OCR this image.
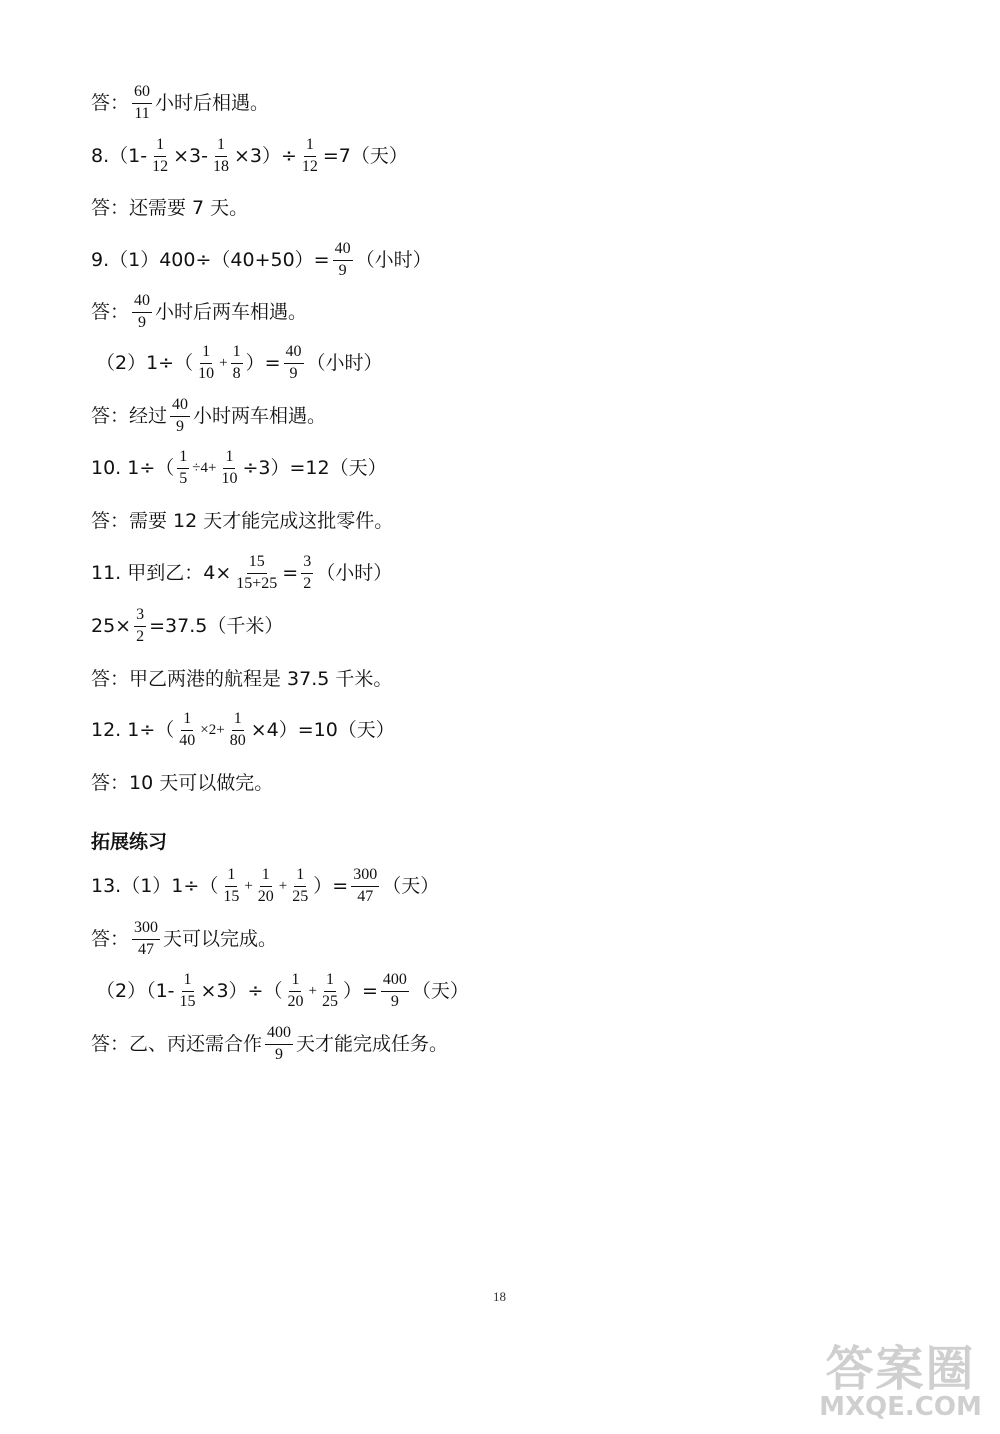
答： $\frac{60}{11}$ 小时后相遇。
$8.(1- \frac{1}{12} \times 3- \frac{1}{18} \times 3)\div \frac{1}{12} =7$（天）
答：还需要 7 天。
$9.(1)400\div(40+50)= \frac{40}{9}$ （小时）
答： $\frac{40}{9}$ 小时后两车相遇。
$(2)1\div( \frac{1}{10} + \frac{1}{8}$ ）= $\frac{40}{9}$ （小时）
答：经过 $\frac{40}{9}$ 小时两车相遇。
10. $1\div( \frac{1}{5} \div 4+ \frac{1}{10} \div 3)=12$（天）
答：需要 12 天才能完成这批零件。
11. 甲到乙：$4\times \frac{15}{15+25} = \frac{3}{2}$ （小时）
$25\times \frac{3}{2} =37.5$（千米）
答：甲乙两港的航程是 37.5 千米。
12. $1\div( \frac{1}{40} \times 2+ \frac{1}{80} \times 4)=10$（天）
答：10 天可以做完。
拓展练习
$13.(1)1\div( \frac{1}{15} + \frac{1}{20} + \frac{1}{25}$ ）= $\frac{300}{47}$ （天）
答： $\frac{300}{47}$ 天可以完成。
$(2)(1- \frac{1}{15} \times 3)\div( \frac{1}{20} + \frac{1}{25}$ ）= $\frac{400}{9}$ （天）
答：乙、丙还需合作 $\frac{400}{9}$ 天才能完成任务。
18
答案圈
MXQE.COM
